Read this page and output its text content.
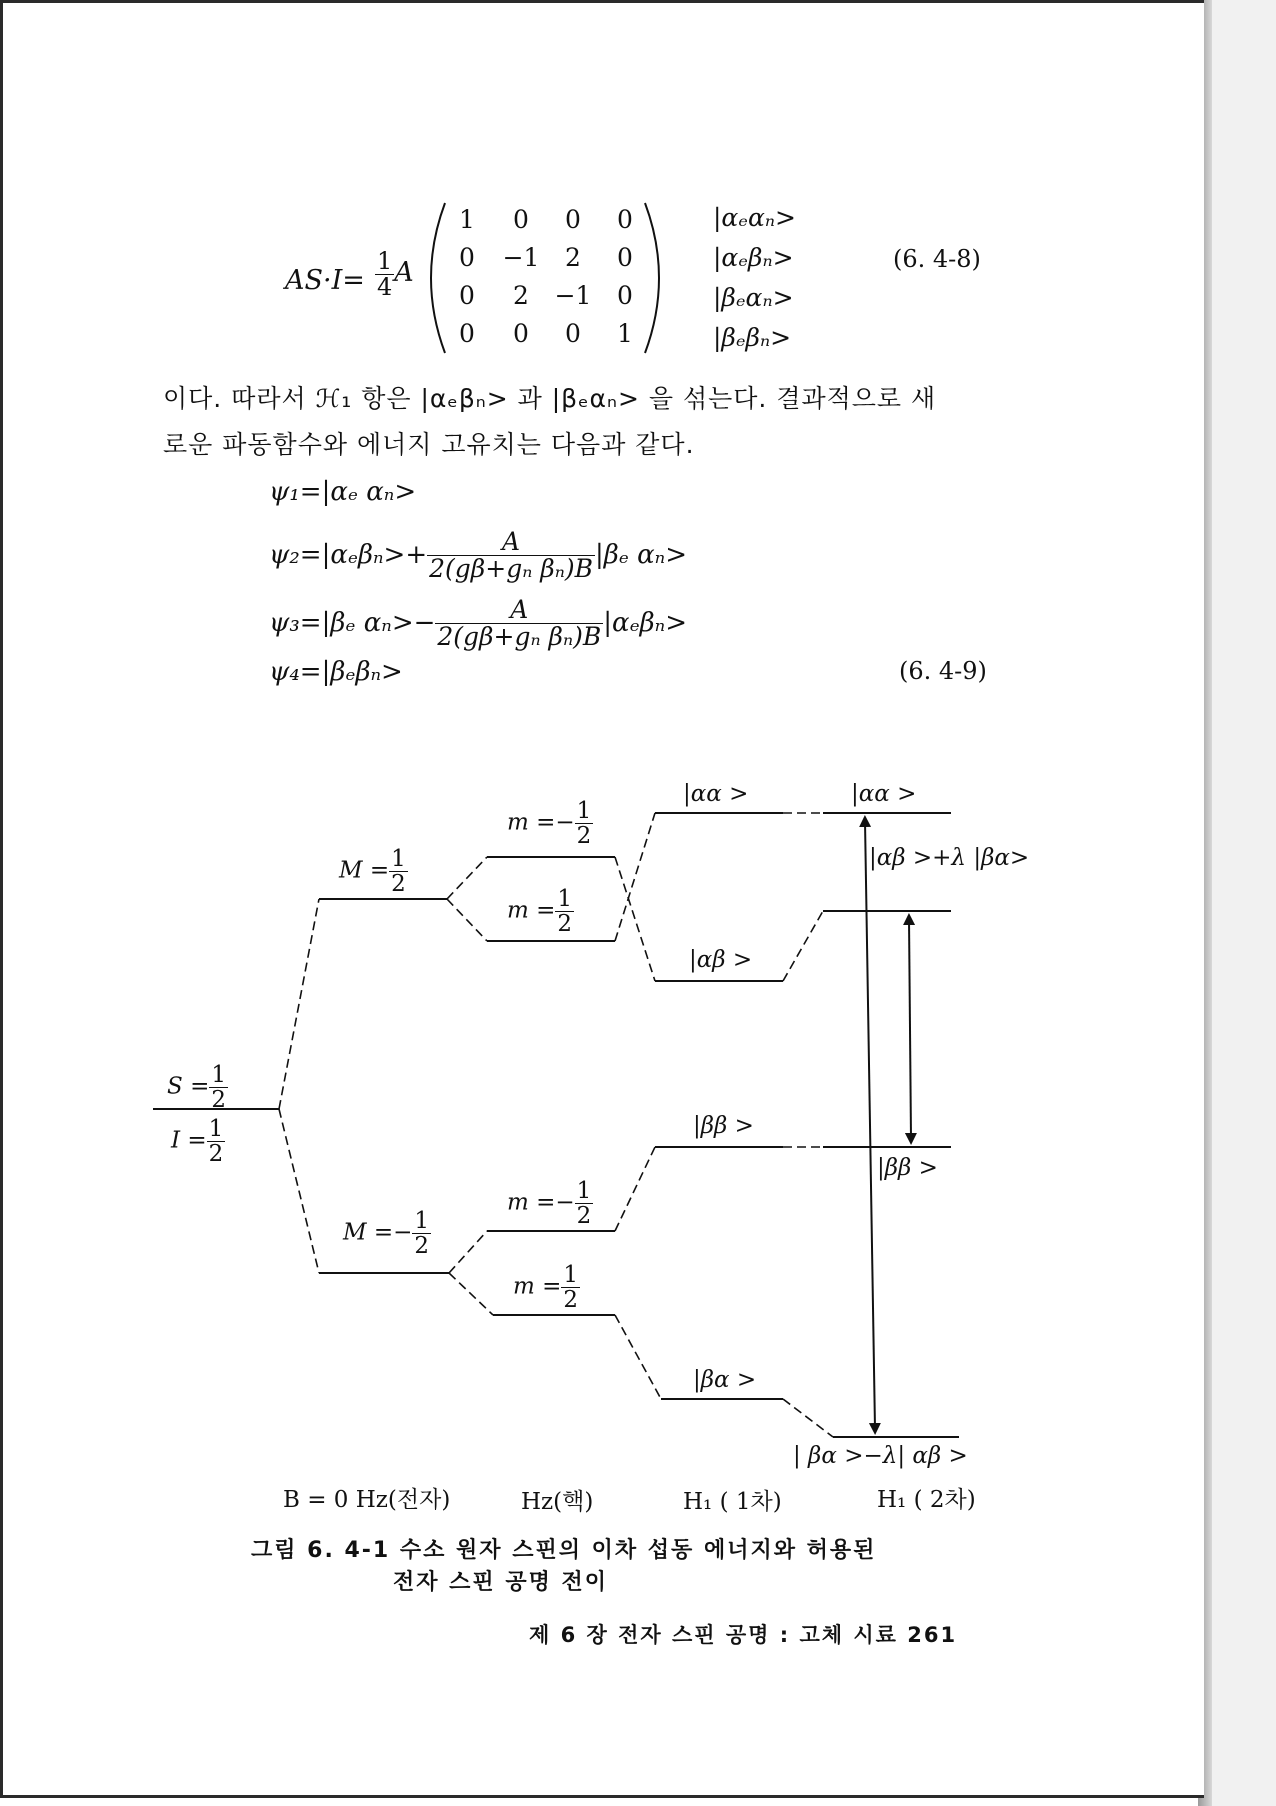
$AS\cdot I= \frac{1}{4}$ A
1	0	0	0
0	−1	2	0
0	2	−1	0
0	0	0	1
|αₑαₙ>
|αₑβₙ>
|βₑαₙ>
|βₑβₙ>
(6. 4-8)
이다. 따라서 ℋ₁ 항은 |αₑβₙ> 과 |βₑαₙ> 을 섞는다. 결과적으로 새
로운 파동함수와 에너지 고유치는 다음과 같다.
ψ₁=|αₑ αₙ>
$\psi_2=|\alpha_e\beta_n>+ \frac{A}{\text{2(gβ+gₙ βₙ)B}} |\beta_e$ αₙ>
ψ₃=|βₑ $\alpha_n>- \frac{A}{\text{2(gβ+gₙ βₙ)B}} |\alpha_e\beta_n>$
ψ₄=|βₑβₙ>	(6. 4-9)
$S = \frac{1}{2}$
$I = \frac{1}{2}$
$M = \frac{1}{2}$
$M =- \frac{1}{2}$
$m =- \frac{1}{2}$
$m = \frac{1}{2}$
$m =- \frac{1}{2}$
$m = \frac{1}{2}$
|αα >	|αα >
|αβ >
|αβ >+λ |βα>
|ββ >
|ββ >
|βα >
| βα >−λ| αβ >
B = 0 Hz(전자)	Hz(핵)	H₁ ( 1차)	H₁ ( 2차)
그림 6. 4-1 수소 원자 스핀의 이차 섭동 에너지와 허용된
전자 스핀 공명 전이
제 6 장 전자 스핀 공명 : 고체 시료 261
